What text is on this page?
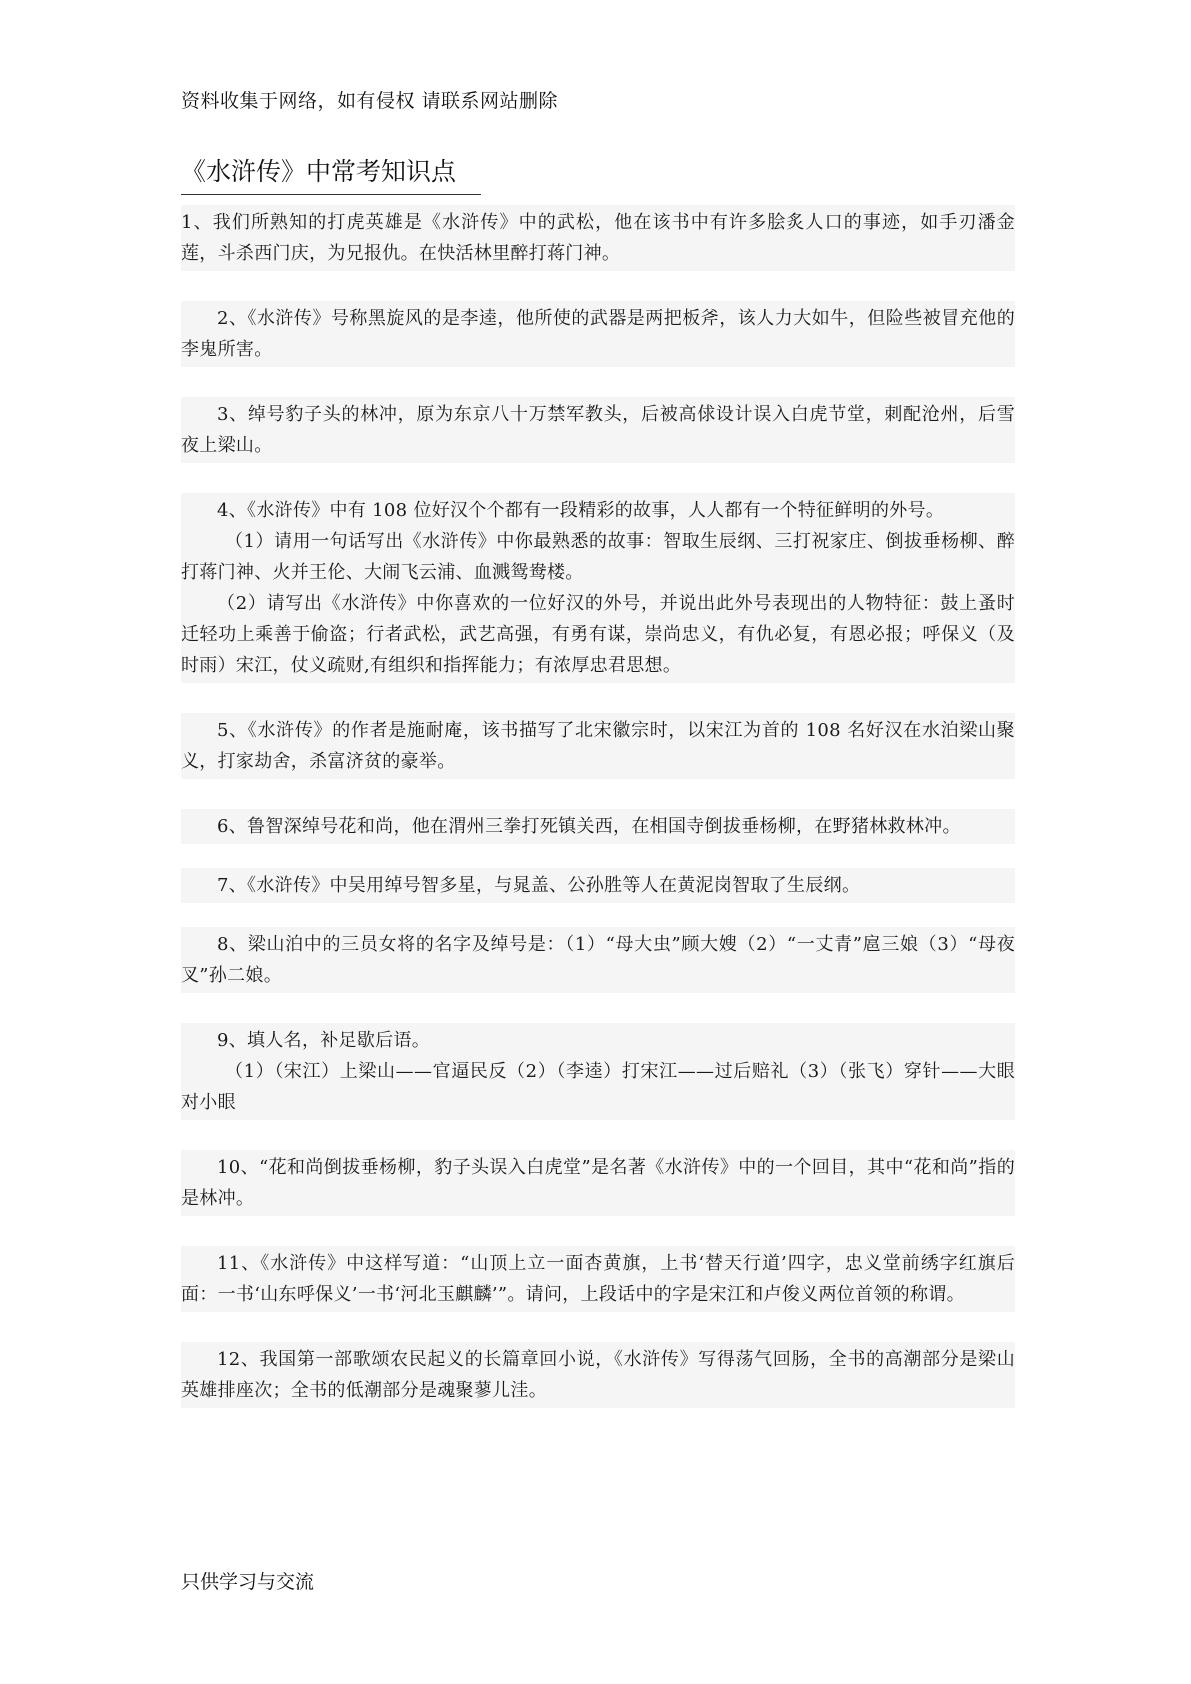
资料收集于网络，如有侵权 请联系网站删除
《水浒传》中常考知识点

1、我们所熟知的打虎英雄是《水浒传》中的武松，他在该书中有许多脍炙人口的事迹，如手刃潘金莲，斗杀西门庆，为兄报仇。在快活林里醉打蒋门神。

2、《水浒传》号称黑旋风的是李逵，他所使的武器是两把板斧，该人力大如牛，但险些被冒充他的李鬼所害。

3、绰号豹子头的林冲，原为东京八十万禁军教头，后被高俅设计误入白虎节堂，刺配沧州，后雪夜上梁山。

4、《水浒传》中有 108 位好汉个个都有一段精彩的故事，人人都有一个特征鲜明的外号。

（1）请用一句话写出《水浒传》中你最熟悉的故事：智取生辰纲、三打祝家庄、倒拔垂杨柳、醉打蒋门神、火并王伦、大闹飞云浦、血溅鸳鸯楼。

（2）请写出《水浒传》中你喜欢的一位好汉的外号，并说出此外号表现出的人物特征：鼓上蚤时迁轻功上乘善于偷盗；行者武松，武艺高强，有勇有谋，崇尚忠义，有仇必复，有恩必报；呼保义（及时雨）宋江，仗义疏财,有组织和指挥能力；有浓厚忠君思想。

5、《水浒传》的作者是施耐庵，该书描写了北宋徽宗时，以宋江为首的 108 名好汉在水泊梁山聚义，打家劫舍，杀富济贫的豪举。

6、鲁智深绰号花和尚，他在渭州三拳打死镇关西，在相国寺倒拔垂杨柳，在野猪林救林冲。

7、《水浒传》中吴用绰号智多星，与晁盖、公孙胜等人在黄泥岗智取了生辰纲。

8、梁山泊中的三员女将的名字及绰号是：（1）“母大虫”顾大嫂（2）“一丈青”扈三娘（3）“母夜叉”孙二娘。

9、填人名，补足歇后语。

（1）（宋江）上梁山——官逼民反（2）（李逵）打宋江——过后赔礼（3）（张飞）穿针——大眼对小眼

10、“花和尚倒拔垂杨柳，豹子头误入白虎堂”是名著《水浒传》中的一个回目，其中“花和尚”指的是林冲。

11、《水浒传》中这样写道：“山顶上立一面杏黄旗，上书‘替天行道’四字，忠义堂前绣字红旗后面：一书‘山东呼保义’一书‘河北玉麒麟’”。请问，上段话中的字是宋江和卢俊义两位首领的称谓。

12、我国第一部歌颂农民起义的长篇章回小说，《水浒传》写得荡气回肠，全书的高潮部分是梁山英雄排座次；全书的低潮部分是魂聚蓼儿洼。

只供学习与交流
